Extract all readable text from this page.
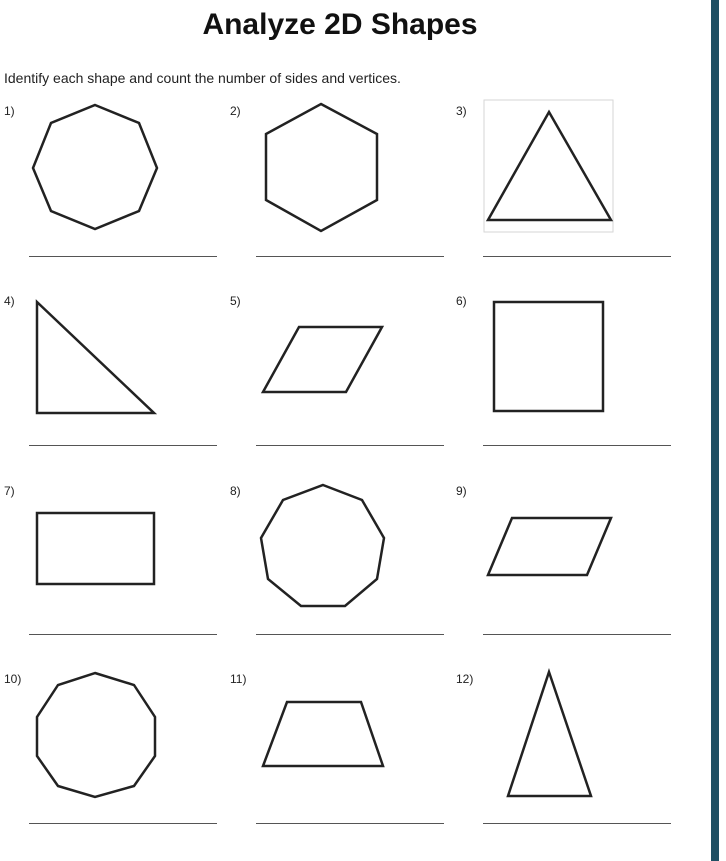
Analyze 2D Shapes
Identify each shape and count the number of sides and vertices.
1)	2)	3)
4)	5)	6)
7)	8)	9)
10)	11)	12)
